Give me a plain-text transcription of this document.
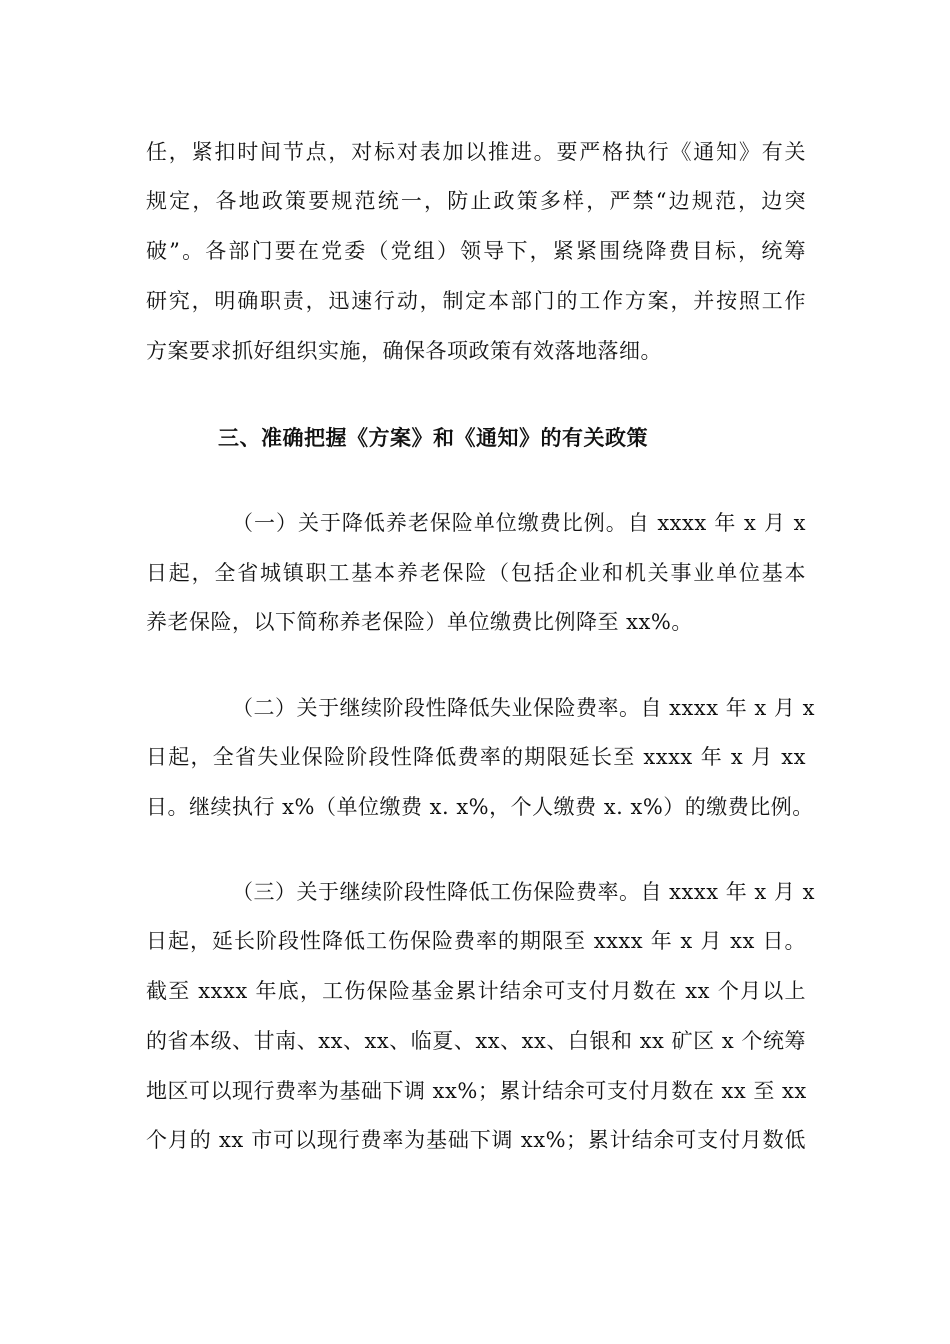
任，紧扣时间节点，对标对表加以推进。要严格执行《通知》有关
规定，各地政策要规范统一，防止政策多样，严禁“边规范，边突
破”。各部门要在党委（党组）领导下，紧紧围绕降费目标，统筹
研究，明确职责，迅速行动，制定本部门的工作方案，并按照工作
方案要求抓好组织实施，确保各项政策有效落地落细。
三、准确把握《方案》和《通知》的有关政策
（一）关于降低养老保险单位缴费比例。自 xxxx 年 x 月 x
日起，全省城镇职工基本养老保险（包括企业和机关事业单位基本
养老保险，以下简称养老保险）单位缴费比例降至 xx%。
（二）关于继续阶段性降低失业保险费率。自 xxxx 年 x 月 x
日起，全省失业保险阶段性降低费率的期限延长至 xxxx 年 x 月 xx
日。继续执行 x%（单位缴费 x. x%，个人缴费 x. x%）的缴费比例。
（三）关于继续阶段性降低工伤保险费率。自 xxxx 年 x 月 x
日起，延长阶段性降低工伤保险费率的期限至 xxxx 年 x 月 xx 日。
截至 xxxx 年底，工伤保险基金累计结余可支付月数在 xx 个月以上
的省本级、甘南、xx、xx、临夏、xx、xx、白银和 xx 矿区 x 个统筹
地区可以现行费率为基础下调 xx%；累计结余可支付月数在 xx 至 xx
个月的 xx 市可以现行费率为基础下调 xx%；累计结余可支付月数低
